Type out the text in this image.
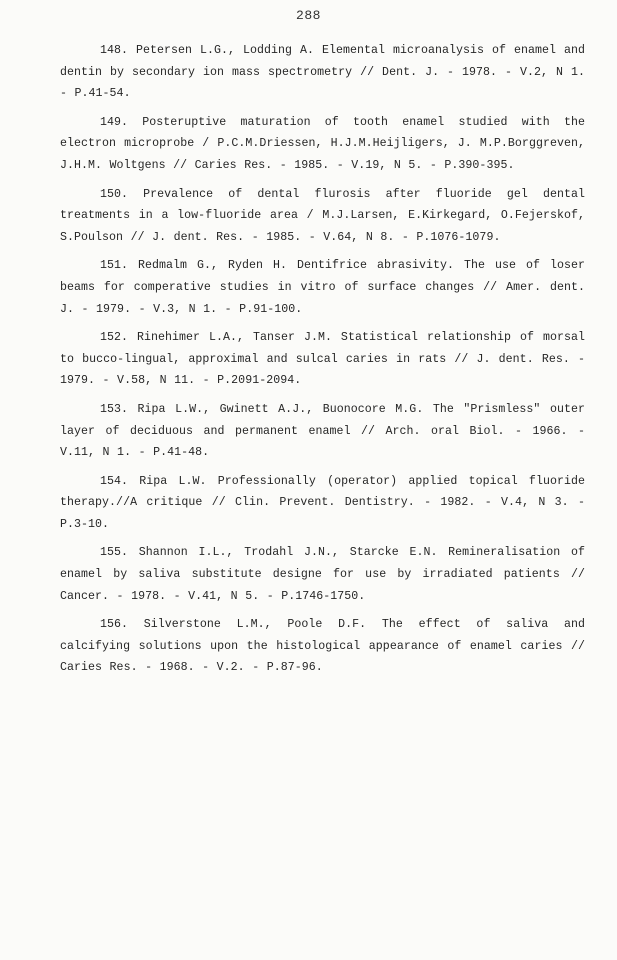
288

148. Petersen L.G., Lodding A. Elemental microanalysis of enamel and dentin by secondary ion mass spectrometry // Dent. J. - 1978. - V.2, N 1. - P.41-54.

149. Posteruptive maturation of tooth enamel studied with the electron microprobe / P.C.M.Driessen, H.J.M.Heijligers, J. M.P.Borggreven, J.H.M. Woltgens // Caries Res. - 1985. - V.19, N 5. - P.390-395.

150. Prevalence of dental flurosis after fluoride gel dental treatments in a low-fluoride area / M.J.Larsen, E.Kirkegard, O.Fejerskof, S.Poulson // J. dent. Res. - 1985. - V.64, N 8. - P.1076-1079.

151. Redmalm G., Ryden H. Dentifrice abrasivity. The use of loser beams for comperative studies in vitro of surface changes // Amer. dent. J. - 1979. - V.3, N 1. - P.91-100.

152. Rinehimer L.A., Tanser J.M. Statistical relationship of morsal to bucco-lingual, approximal and sulcal caries in rats // J. dent. Res. - 1979. - V.58, N 11. - P.2091-2094.

153. Ripa L.W., Gwinett A.J., Buonocore M.G. The "Prismless" outer layer of deciduous and permanent enamel // Arch. oral Biol. - 1966. - V.11, N 1. - P.41-48.

154. Ripa L.W. Professionally (operator) applied topical fluoride therapy.//A critique // Clin. Prevent. Dentistry. - 1982. - V.4, N 3. - P.3-10.

155. Shannon I.L., Trodahl J.N., Starcke E.N. Remineralisation of enamel by saliva substitute designe for use by irradiated patients // Cancer. - 1978. - V.41, N 5. - P.1746-1750.

156. Silverstone L.M., Poole D.F. The effect of saliva and calcifying solutions upon the histological appearance of enamel caries // Caries Res. - 1968. - V.2. - P.87-96.
